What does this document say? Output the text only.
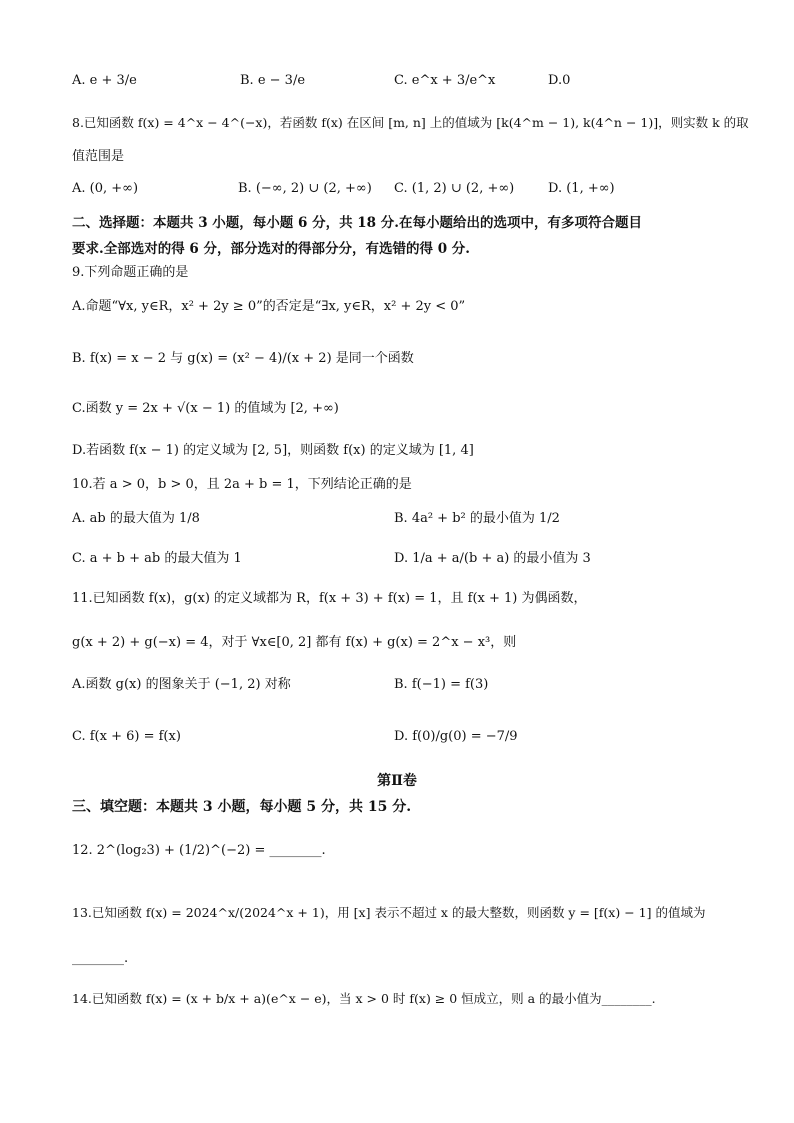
A. e + 3/e	B. e − 3/e	C. e^x + 3/e^x	D.0
8.已知函数 f(x) = 4^x − 4^(−x)，若函数 f(x) 在区间 [m, n] 上的值域为 [k(4^m − 1), k(4^n − 1)]，则实数 k 的取
值范围是
A. (0, +∞)	B. (−∞, 2) ∪ (2, +∞) C. (1, 2) ∪ (2, +∞)	D. (1, +∞)
二、选择题：本题共 3 小题，每小题 6 分，共 18 分.在每小题给出的选项中，有多项符合题目
要求.全部选对的得 6 分，部分选对的得部分分，有选错的得 0 分.
9.下列命题正确的是
A.命题“∀x, y∈R，x² + 2y ≥ 0”的否定是“∃x, y∈R，x² + 2y < 0”
B. f(x) = x − 2 与 g(x) = (x² − 4)/(x + 2) 是同一个函数
C.函数 y = 2x + √(x − 1) 的值域为 [2, +∞)
D.若函数 f(x − 1) 的定义域为 [2, 5]，则函数 f(x) 的定义域为 [1, 4]
10.若 a > 0，b > 0，且 2a + b = 1，下列结论正确的是
A. ab 的最大值为 1/8	B. 4a² + b² 的最小值为 1/2
C. a + b + ab 的最大值为 1	D. 1/a + a/(b + a) 的最小值为 3
11.已知函数 f(x)，g(x) 的定义域都为 R，f(x + 3) + f(x) = 1，且 f(x + 1) 为偶函数，
g(x + 2) + g(−x) = 4，对于 ∀x∈[0, 2] 都有 f(x) + g(x) = 2^x − x³，则
A.函数 g(x) 的图象关于 (−1, 2) 对称	B. f(−1) = f(3)
C. f(x + 6) = f(x)	D. f(0)/g(0) = −7/9
第Ⅱ卷
三、填空题：本题共 3 小题，每小题 5 分，共 15 分.
12. 2^(log₂3) + (1/2)^(−2) = ________.
13.已知函数 f(x) = 2024^x/(2024^x + 1)，用 [x] 表示不超过 x 的最大整数，则函数 y = [f(x) − 1] 的值域为
________.
14.已知函数 f(x) = (x + b/x + a)(e^x − e)，当 x > 0 时 f(x) ≥ 0 恒成立，则 a 的最小值为________.
